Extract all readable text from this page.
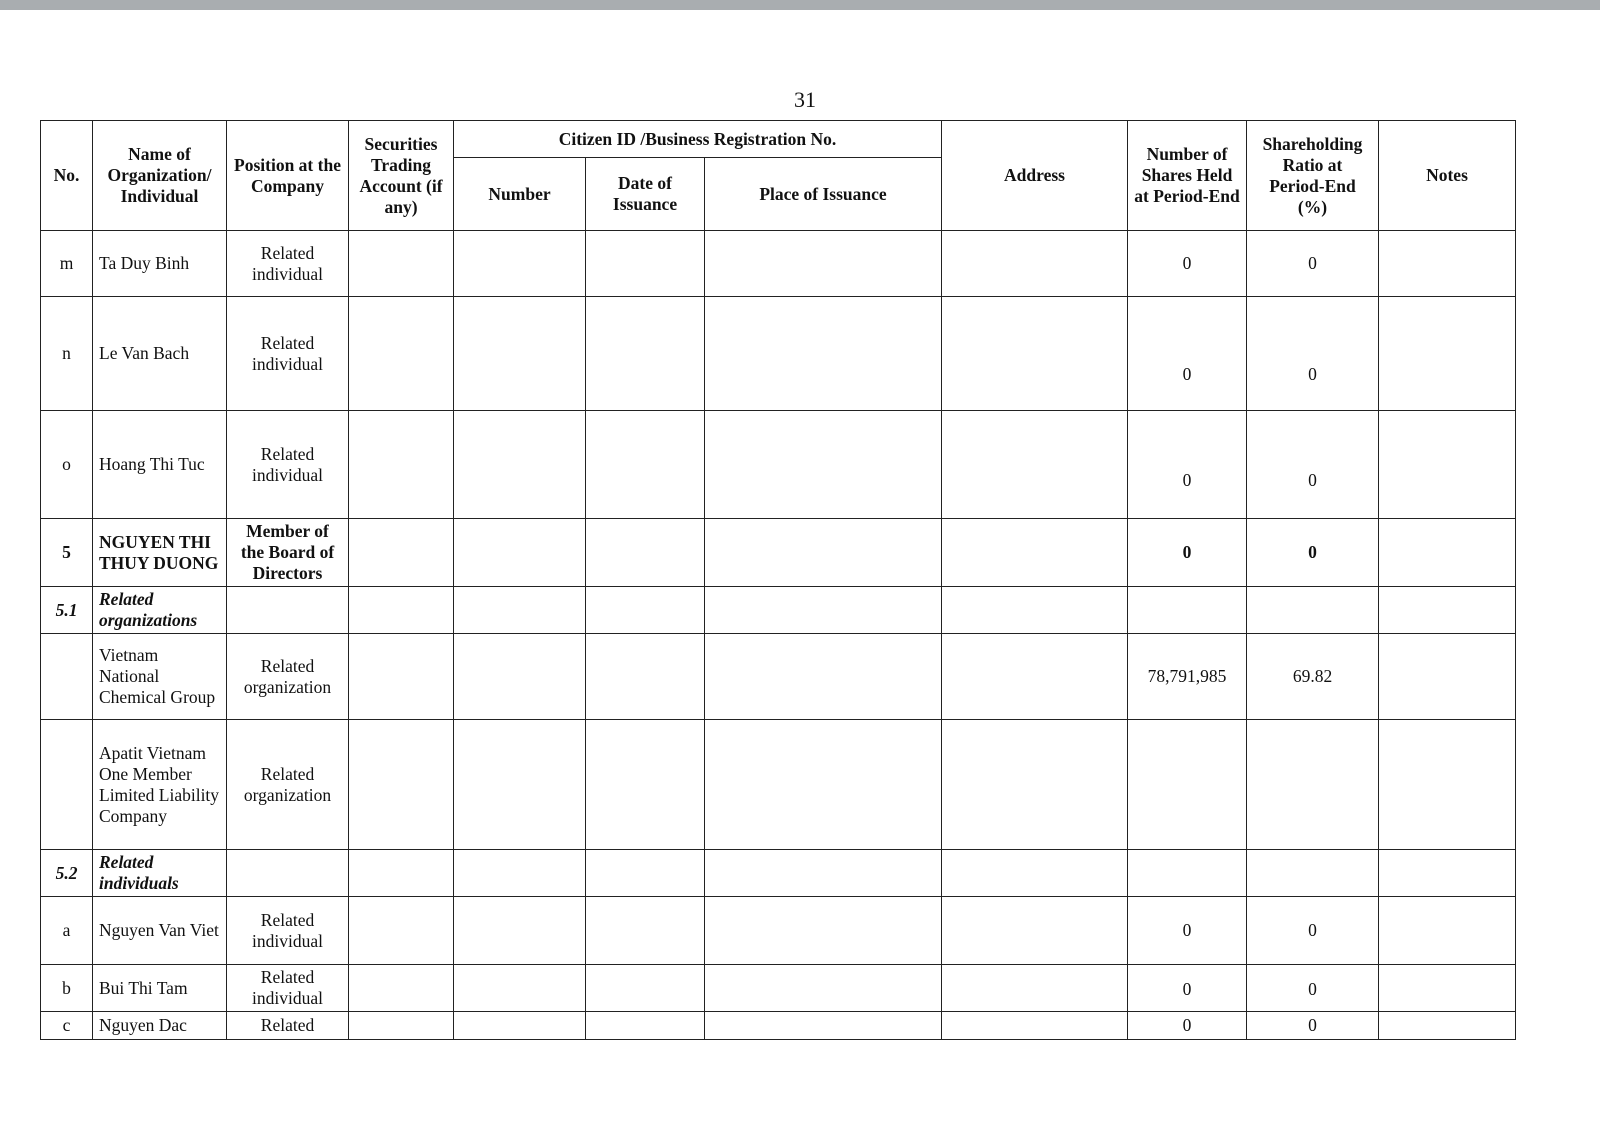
31
No.	Name of Organization/ Individual	Position at the Company	Securities Trading Account (if any)	Citizen ID /Business Registration No.			Address	Number of Shares Held at Period-End	Shareholding Ratio at Period-End (%)	Notes
				Number	Date of Issuance	Place of Issuance				
m	Ta Duy Binh	Related individual						0	0	
n	Le Van Bach	Related individual						0	0	
o	Hoang Thi Tuc	Related individual						0	0	
5	NGUYEN THI THUY DUONG	Member of the Board of Directors						0	0	
5.1	Related organizations									
	Vietnam National Chemical Group	Related organization						78,791,985	69.82	
	Apatit Vietnam One Member Limited Liability Company	Related organization								
5.2	Related individuals									
a	Nguyen Van Viet	Related individual						0	0	
b	Bui Thi Tam	Related individual						0	0	
c	Nguyen Dac	Related						0	0	
